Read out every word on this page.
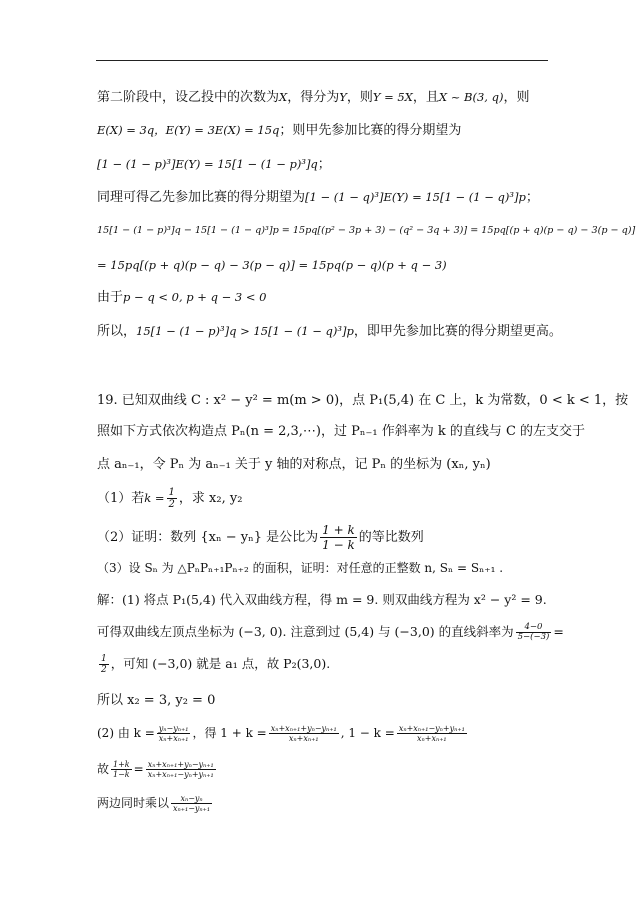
第二阶段中，设乙投中的次数为X，得分为Y，则Y = 5X，且X ~ B(3, q)，则
E(X) = 3q，E(Y) = 3E(X) = 15q；则甲先参加比赛的得分期望为
[1 − (1 − p)³]E(Y) = 15[1 − (1 − p)³]q；
同理可得乙先参加比赛的得分期望为[1 − (1 − q)³]E(Y) = 15[1 − (1 − q)³]p；
15[1 − (1 − p)³]q − 15[1 − (1 − q)³]p = 15pq[(p² − 3p + 3) − (q² − 3q + 3)] = 15pq[(p + q)(p − q) − 3(p − q)]
= 15pq[(p + q)(p − q) − 3(p − q)] = 15pq(p − q)(p + q − 3)
由于p − q < 0, p + q − 3 < 0
所以，15[1 − (1 − p)³]q > 15[1 − (1 − q)³]p，即甲先参加比赛的得分期望更高。
19. 已知双曲线 C : x² − y² = m(m > 0)，点 P₁(5,4) 在 C 上，k 为常数，0 < k < 1，按
照如下方式依次构造点 Pₙ(n = 2,3,⋯)，过 Pₙ₋₁ 作斜率为 k 的直线与 C 的左支交于
点 aₙ₋₁，令 Pₙ 为 aₙ₋₁ 关于 y 轴的对称点，记 Pₙ 的坐标为 (xₙ, yₙ)
（1）若$k = \frac{1}{2}$ ，求 x₂, y₂
（2）证明：数列 {xₙ − yₙ} 是公比为 $\frac{1 + k}{1 - k}$ 的等比数列
（3）设 Sₙ 为 △PₙPₙ₊₁Pₙ₊₂ 的面积，证明：对任意的正整数 n, Sₙ = Sₙ₊₁ .
解：(1) 将点 P₁(5,4) 代入双曲线方程，得 m = 9. 则双曲线方程为 x² − y² = 9.
可得双曲线左顶点坐标为 (−3, 0). 注意到过 (5,4) 与 (−3,0) 的直线斜率为 $\frac{4-0}{5-(-3)}$ =
$\frac{1}{2}$ ，可知 (−3,0) 就是 a₁ 点，故 P₂(3,0).
所以 x₂ = 3, y₂ = 0
(2) 由 $k = \frac{\text{yₙ−yₙ₊₁}}{\text{xₙ+xₙ₊₁}}$ ，得 $1 + k = \frac{\text{xₙ+xₙ₊₁+yₙ−yₙ₊₁}}{\text{xₙ+xₙ₊₁}}$ , $1 - k = \frac{\text{xₙ+xₙ₊₁−yₙ+yₙ₊₁}}{\text{xₙ+xₙ₊₁}}$
故 $\frac{1+k}{1-k} = \frac{\text{xₙ+xₙ₊₁+yₙ−yₙ₊₁}}{\text{xₙ+xₙ₊₁−yₙ+yₙ₊₁}}$
两边同时乘以 $\frac{\text{xₙ−yₙ}}{\text{xₙ₊₁−yₙ₊₁}}$
